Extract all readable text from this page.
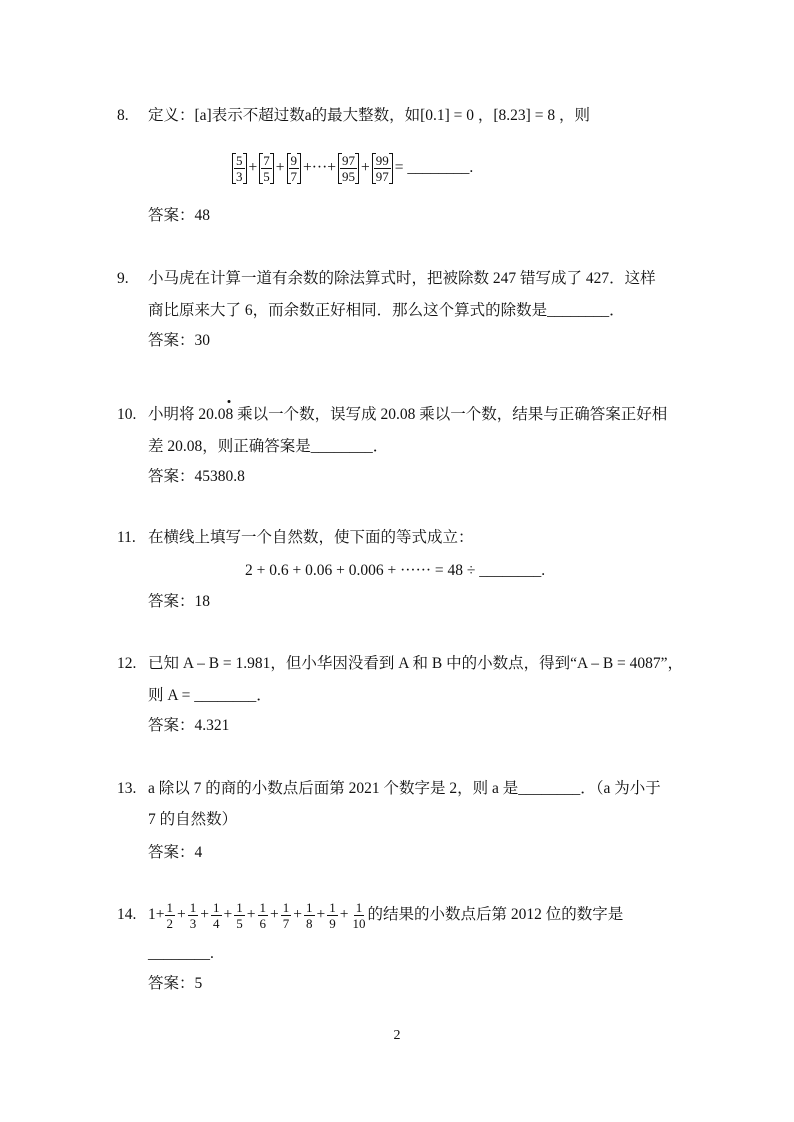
8. 定义：[a]表示不超过数a的最大整数，如[0.1] = 0 ，[8.23] = 8 ，则
$\frac{5}{3} + \frac{7}{5} + \frac{9}{7}$ +···+ $\frac{97}{95} + \frac{99}{97}$ = ________.
答案：48
9. 小马虎在计算一道有余数的除法算式时，把被除数 247 错写成了 427．这样
商比原来大了 6，而余数正好相同．那么这个算式的除数是________．
答案：30
10. 小明将 20.08 乘以一个数，误写成 20.08 乘以一个数，结果与正确答案正好相
差 20.08，则正确答案是________．
答案：45380.8
11. 在横线上填写一个自然数，使下面的等式成立：
2 + 0.6 + 0.06 + 0.006 + ······ = 48 ÷ ________.
答案：18
12. 已知 A – B = 1.981，但小华因没看到 A 和 B 中的小数点，得到“A – B = 4087”，
则 A = ________．
答案：4.321
13. a 除以 7 的商的小数点后面第 2021 个数字是 2，则 a 是________．（a 为小于
7 的自然数）
答案：4
14. $1+ \frac{1}{2} + \frac{1}{3} + \frac{1}{4} + \frac{1}{5} + \frac{1}{6} + \frac{1}{7} + \frac{1}{8} + \frac{1}{9} + \frac{1}{10}$ 的结果的小数点后第 2012 位的数字是
________.
答案：5
2
